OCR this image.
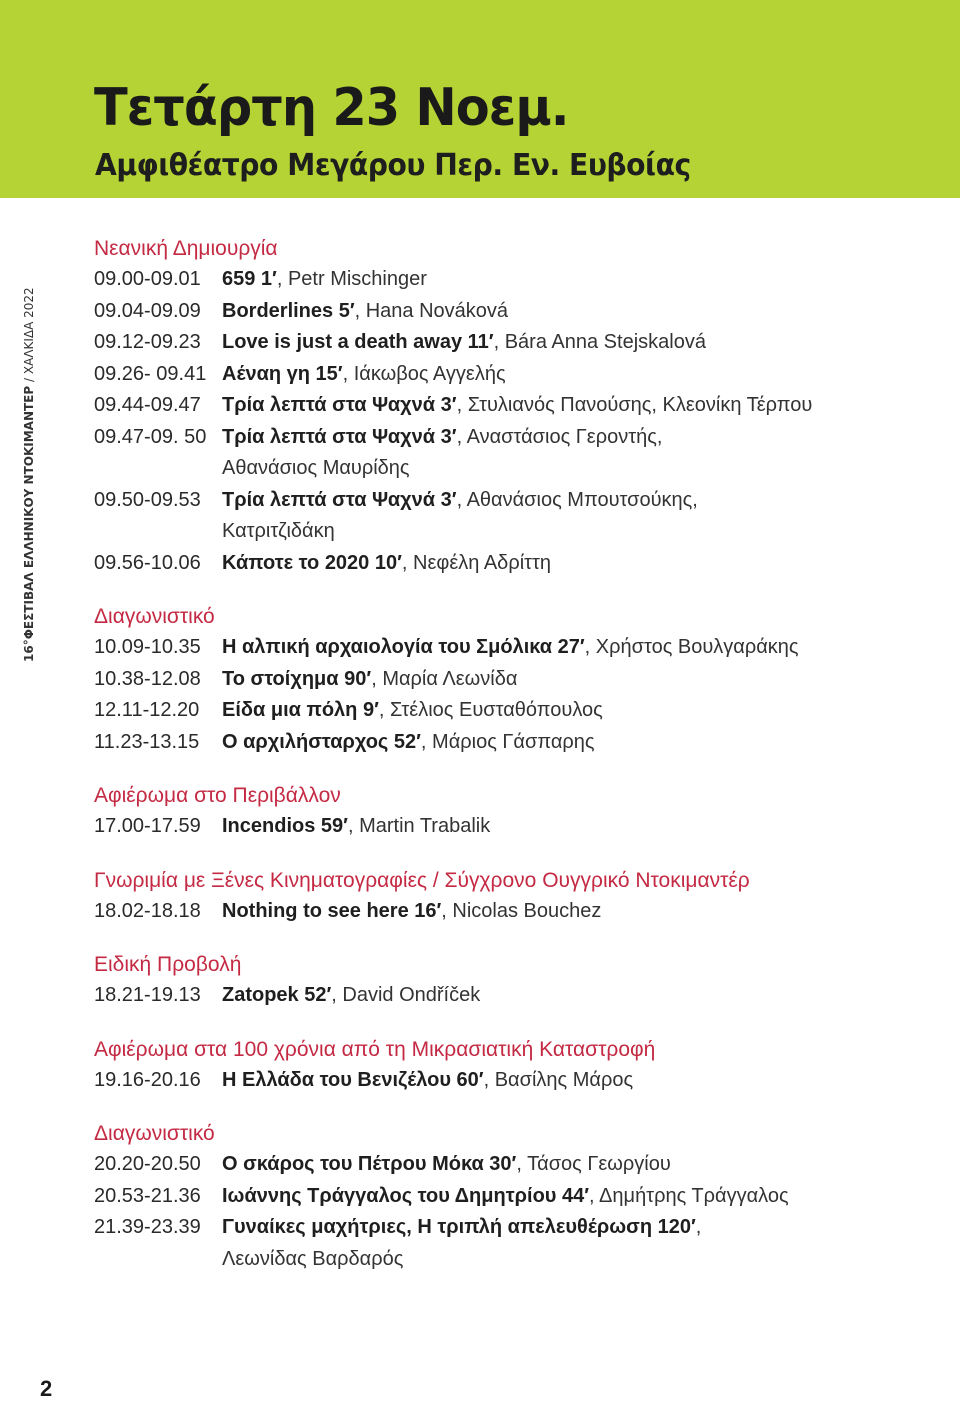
Τετάρτη 23 Νοεμ.
Αμφιθέατρο Μεγάρου Περ. Εν. Ευβοίας
16°ΦΕΣΤΙΒΑΛ ΕΛΛΗΝΙΚΟΥ ΝΤΟΚΙΜΑΝΤΕΡ / ΧΑΛΚΙΔΑ 2022
Νεανική Δημιουργία
09.00-09.01	659 1′, Petr Mischinger
09.04-09.09	Borderlines 5′, Hana Nováková
09.12-09.23	Love is just a death away 11′, Bára Anna Stejskalová
09.26- 09.41 Αέναη γη 15′, Ιάκωβος Αγγελής
09.44-09.47	Τρία λεπτά στα Ψαχνά 3′, Στυλιανός Πανούσης, Κλεονίκη Τέρπου
09.47-09. 50 Τρία λεπτά στα Ψαχνά 3′, Αναστάσιος Γεροντής,
Αθανάσιος Μαυρίδης
09.50-09.53	Τρία λεπτά στα Ψαχνά 3′, Αθανάσιος Μπουτσούκης,
Κατριτζιδάκη
09.56-10.06	Κάποτε το 2020 10′, Νεφέλη Αδρίττη
Διαγωνιστικό
10.09-10.35	Η αλπική αρχαιολογία του Σμόλικα 27′, Χρήστος Βουλγαράκης
10.38-12.08	Το στοίχημα 90′, Μαρία Λεωνίδα
12.11-12.20	Είδα μια πόλη 9′, Στέλιος Ευσταθόπουλος
11.23-13.15	Ο αρχιλήσταρχος 52′, Μάριος Γάσπαρης
Αφιέρωμα στο Περιβάλλον
17.00-17.59	Incendios 59′, Martin Trabalik
Γνωριμία με Ξένες Κινηματογραφίες / Σύγχρονο Ουγγρικό Ντοκιμαντέρ
18.02-18.18	Nothing to see here 16′, Nicolas Bouchez
Ειδική Προβολή
18.21-19.13	Zatopek 52′, David Ondříček
Αφιέρωμα στα 100 χρόνια από τη Μικρασιατική Καταστροφή
19.16-20.16	Η Ελλάδα του Βενιζέλου 60′, Βασίλης Μάρος
Διαγωνιστικό
20.20-20.50	Ο σκάρος του Πέτρου Μόκα 30′, Τάσος Γεωργίου
20.53-21.36	Ιωάννης Τράγγαλος του Δημητρίου 44′, Δημήτρης Τράγγαλος
21.39-23.39	Γυναίκες μαχήτριες, Η τριπλή απελευθέρωση 120′,
Λεωνίδας Βαρδαρός
2
